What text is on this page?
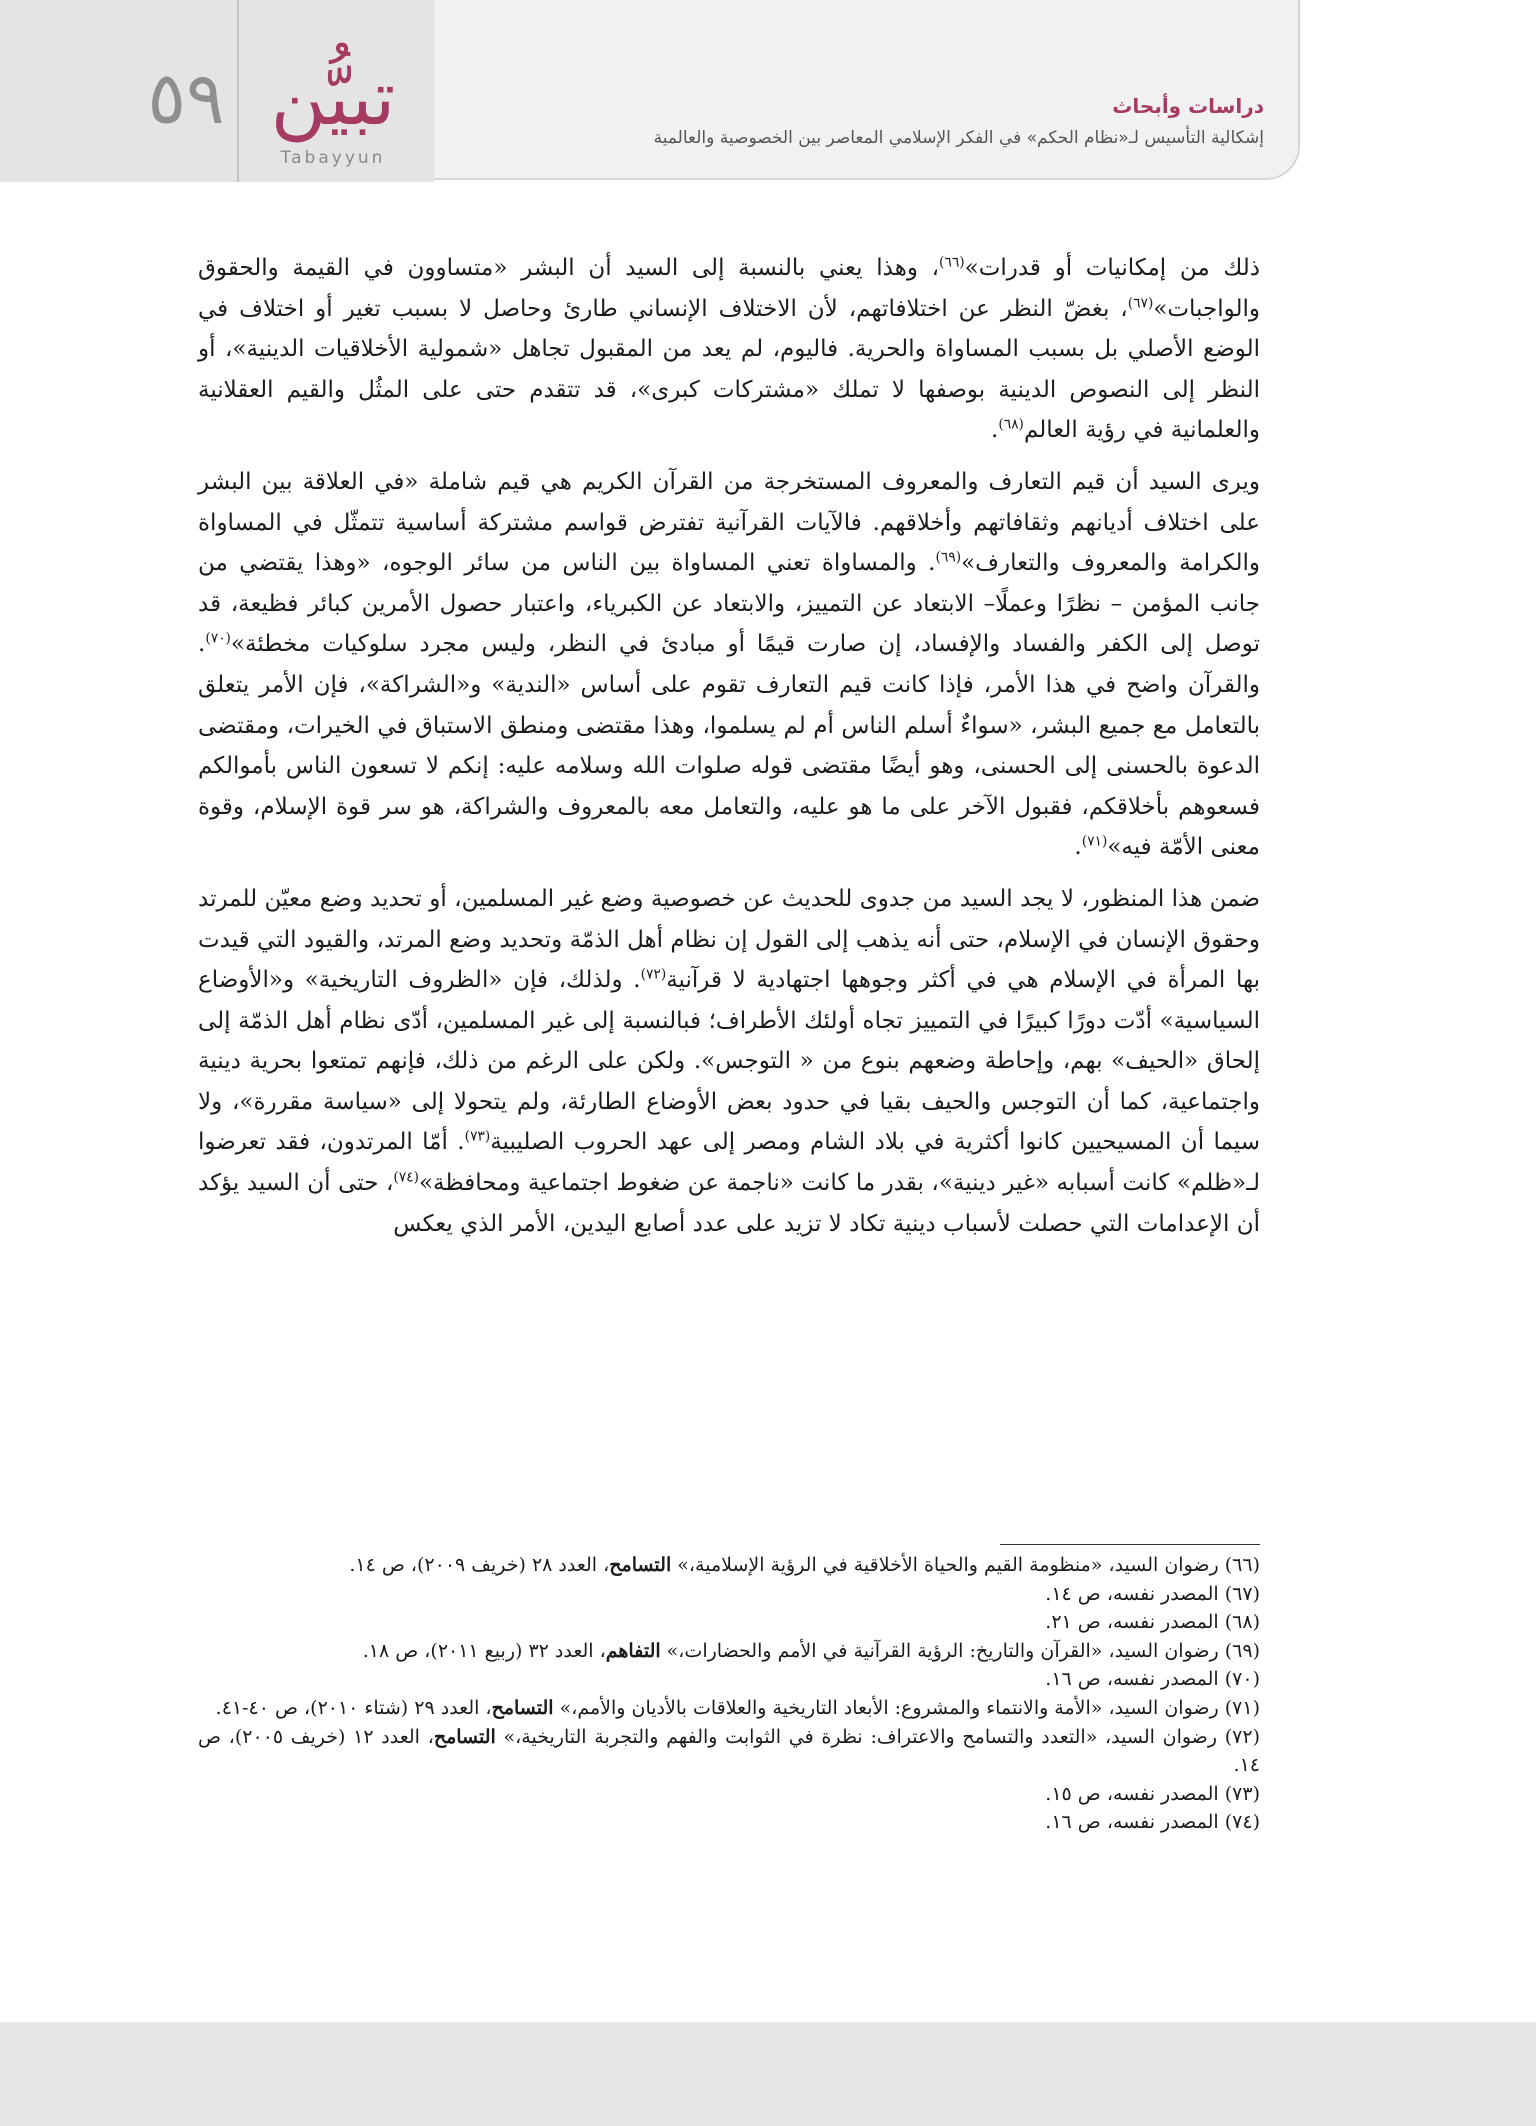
٥٩ تبيُّن
Tabayyun
دراسات وأبحاث
إشكالية التأسيس لـ«نظام الحكم» في الفكر الإسلامي المعاصر بين الخصوصية والعالمية

ذلك من إمكانيات أو قدرات»$^{(٦٦)}$، وهذا يعني بالنسبة إلى السيد أن البشر «متساوون في القيمة والحقوق والواجبات»$^{(٦٧)}$، بغضّ النظر عن اختلافاتهم، لأن الاختلاف الإنساني طارئ وحاصل لا بسبب تغير أو اختلاف في الوضع الأصلي بل بسبب المساواة والحرية. فاليوم، لم يعد من المقبول تجاهل «شمولية الأخلاقيات الدينية»، أو النظر إلى النصوص الدينية بوصفها لا تملك «مشتركات كبرى»، قد تتقدم حتى على المثُل والقيم العقلانية والعلمانية في رؤية العالم$^{(٦٨)}$.

ويرى السيد أن قيم التعارف والمعروف المستخرجة من القرآن الكريم هي قيم شاملة «في العلاقة بين البشر على اختلاف أديانهم وثقافاتهم وأخلاقهم. فالآيات القرآنية تفترض قواسم مشتركة أساسية تتمثّل في المساواة والكرامة والمعروف والتعارف»$^{(٦٩)}$. والمساواة تعني المساواة بين الناس من سائر الوجوه، «وهذا يقتضي من جانب المؤمن – نظرًا وعملًا– الابتعاد عن التمييز، والابتعاد عن الكبرياء، واعتبار حصول الأمرين كبائر فظيعة، قد توصل إلى الكفر والفساد والإفساد، إن صارت قيمًا أو مبادئ في النظر، وليس مجرد سلوكيات مخطئة»$^{(٧٠)}$. والقرآن واضح في هذا الأمر، فإذا كانت قيم التعارف تقوم على أساس «الندية» و«الشراكة»، فإن الأمر يتعلق بالتعامل مع جميع البشر، «سواءٌ أسلم الناس أم لم يسلموا، وهذا مقتضى ومنطق الاستباق في الخيرات، ومقتضى الدعوة بالحسنى إلى الحسنى، وهو أيضًا مقتضى قوله صلوات الله وسلامه عليه: إنكم لا تسعون الناس بأموالكم فسعوهم بأخلاقكم، فقبول الآخر على ما هو عليه، والتعامل معه بالمعروف والشراكة، هو سر قوة الإسلام، وقوة معنى الأمّة فيه»$^{(٧١)}$.

ضمن هذا المنظور، لا يجد السيد من جدوى للحديث عن خصوصية وضع غير المسلمين، أو تحديد وضع معيّن للمرتد وحقوق الإنسان في الإسلام، حتى أنه يذهب إلى القول إن نظام أهل الذمّة وتحديد وضع المرتد، والقيود التي قيدت بها المرأة في الإسلام هي في أكثر وجوهها اجتهادية لا قرآنية$^{(٧٢)}$. ولذلك، فإن «الظروف التاريخية» و«الأوضاع السياسية» أدّت دورًا كبيرًا في التمييز تجاه أولئك الأطراف؛ فبالنسبة إلى غير المسلمين، أدّى نظام أهل الذمّة إلى إلحاق «الحيف» بهم، وإحاطة وضعهم بنوع من « التوجس». ولكن على الرغم من ذلك، فإنهم تمتعوا بحرية دينية واجتماعية، كما أن التوجس والحيف بقيا في حدود بعض الأوضاع الطارئة، ولم يتحولا إلى «سياسة مقررة»، ولا سيما أن المسيحيين كانوا أكثرية في بلاد الشام ومصر إلى عهد الحروب الصليبية$^{(٧٣)}$. أمّا المرتدون، فقد تعرضوا لـ«ظلم» كانت أسبابه «غير دينية»، بقدر ما كانت «ناجمة عن ضغوط اجتماعية ومحافظة»$^{(٧٤)}$، حتى أن السيد يؤكد أن الإعدامات التي حصلت لأسباب دينية تكاد لا تزيد على عدد أصابع اليدين، الأمر الذي يعكس

(٦٦) رضوان السيد، «منظومة القيم والحياة الأخلاقية في الرؤية الإسلامية،» التسامح، العدد ٢٨ (خريف ٢٠٠٩)، ص ١٤.
(٦٧) المصدر نفسه، ص ١٤.
(٦٨) المصدر نفسه، ص ٢١.
(٦٩) رضوان السيد، «القرآن والتاريخ: الرؤية القرآنية في الأمم والحضارات،» التفاهم، العدد ٣٢ (ربيع ٢٠١١)، ص ١٨.
(٧٠) المصدر نفسه، ص ١٦.
(٧١) رضوان السيد، «الأمة والانتماء والمشروع: الأبعاد التاريخية والعلاقات بالأديان والأمم،» التسامح، العدد ٢٩ (شتاء ٢٠١٠)، ص ٤٠-٤١.
(٧٢) رضوان السيد، «التعدد والتسامح والاعتراف: نظرة في الثوابت والفهم والتجربة التاريخية،» التسامح، العدد ١٢ (خريف ٢٠٠٥)، ص ١٤.
(٧٣) المصدر نفسه، ص ١٥.
(٧٤) المصدر نفسه، ص ١٦.
